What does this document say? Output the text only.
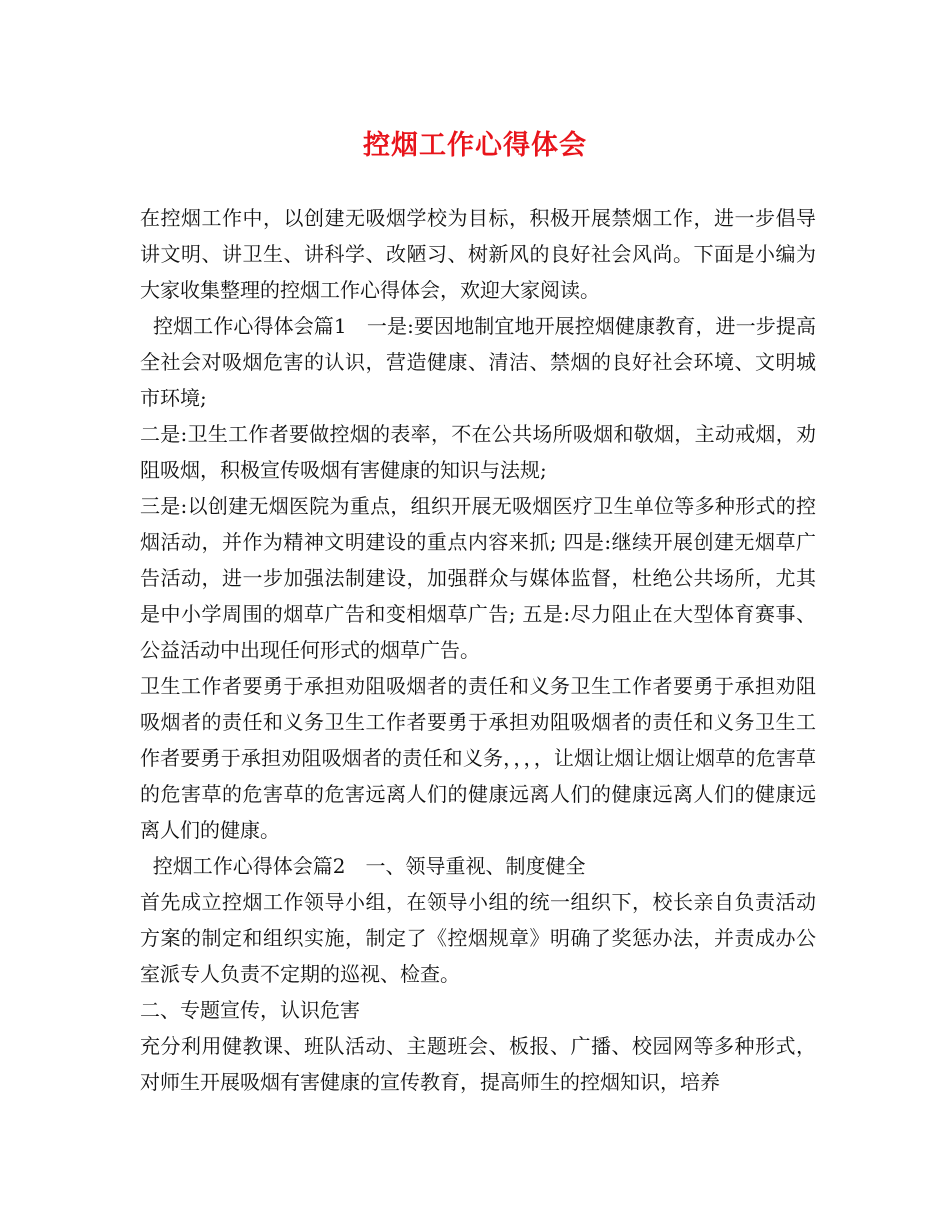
控烟工作心得体会

在控烟工作中，以创建无吸烟学校为目标，积极开展禁烟工作，进一步倡导讲文明、讲卫生、讲科学、改陋习、树新风的良好社会风尚。下面是小编为大家收集整理的控烟工作心得体会，欢迎大家阅读。

控烟工作心得体会篇1　一是:要因地制宜地开展控烟健康教育，进一步提高全社会对吸烟危害的认识，营造健康、清洁、禁烟的良好社会环境、文明城市环境;

二是:卫生工作者要做控烟的表率，不在公共场所吸烟和敬烟，主动戒烟，劝阻吸烟，积极宣传吸烟有害健康的知识与法规;

三是:以创建无烟医院为重点，组织开展无吸烟医疗卫生单位等多种形式的控烟活动，并作为精神文明建设的重点内容来抓; 四是:继续开展创建无烟草广告活动，进一步加强法制建设，加强群众与媒体监督，杜绝公共场所，尤其是中小学周围的烟草广告和变相烟草广告; 五是:尽力阻止在大型体育赛事、公益活动中出现任何形式的烟草广告。

卫生工作者要勇于承担劝阻吸烟者的责任和义务卫生工作者要勇于承担劝阻吸烟者的责任和义务卫生工作者要勇于承担劝阻吸烟者的责任和义务卫生工作者要勇于承担劝阻吸烟者的责任和义务，，，，让烟让烟让烟让烟草的危害草的危害草的危害草的危害远离人们的健康远离人们的健康远离人们的健康远离人们的健康。

控烟工作心得体会篇2　一、领导重视、制度健全

首先成立控烟工作领导小组，在领导小组的统一组织下，校长亲自负责活动方案的制定和组织实施，制定了《控烟规章》明确了奖惩办法，并责成办公室派专人负责不定期的巡视、检查。

二、专题宣传，认识危害

充分利用健教课、班队活动、主题班会、板报、广播、校园网等多种形式，对师生开展吸烟有害健康的宣传教育，提高师生的控烟知识，培养
